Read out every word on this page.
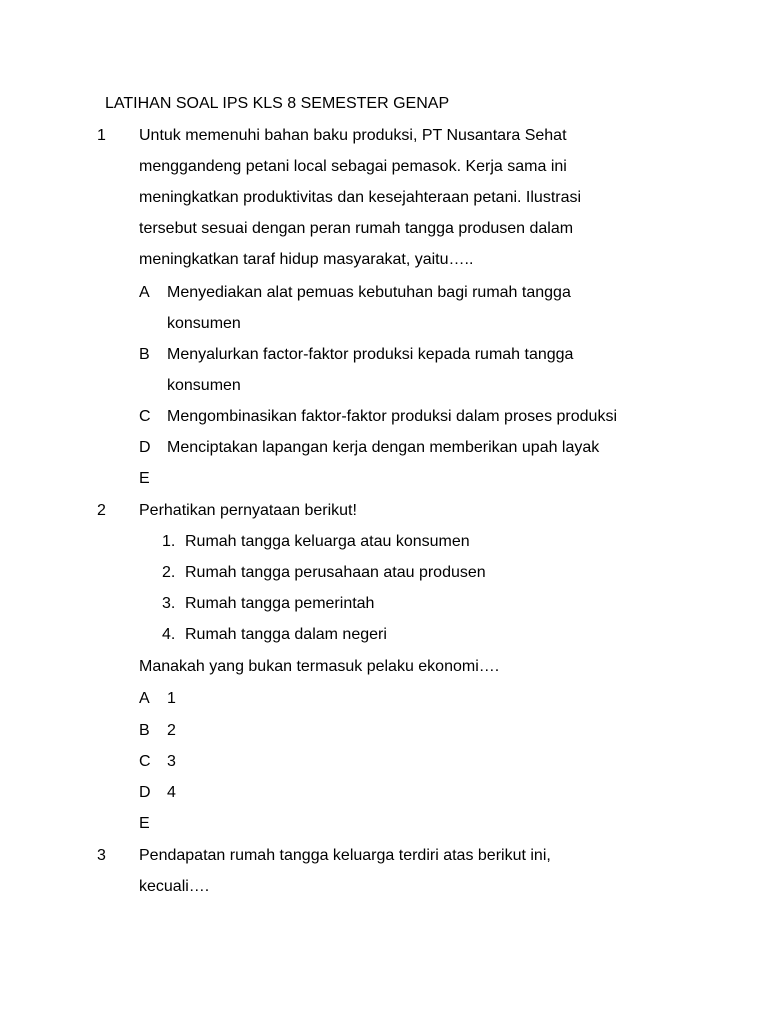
LATIHAN SOAL IPS KLS 8 SEMESTER GENAP
1 Untuk memenuhi bahan baku produksi, PT Nusantara Sehat
menggandeng petani local sebagai pemasok. Kerja sama ini
meningkatkan produktivitas dan kesejahteraan petani. Ilustrasi
tersebut sesuai dengan peran rumah tangga produsen dalam
meningkatkan taraf hidup masyarakat, yaitu…..
A Menyediakan alat pemuas kebutuhan bagi rumah tangga
konsumen
B Menyalurkan factor-faktor produksi kepada rumah tangga
konsumen
C Mengombinasikan faktor-faktor produksi dalam proses produksi
D Menciptakan lapangan kerja dengan memberikan upah layak
E
2 Perhatikan pernyataan berikut!
1. Rumah tangga keluarga atau konsumen
2. Rumah tangga perusahaan atau produsen
3. Rumah tangga pemerintah
4. Rumah tangga dalam negeri
Manakah yang bukan termasuk pelaku ekonomi….
A 1
B 2
C 3
D 4
E
3 Pendapatan rumah tangga keluarga terdiri atas berikut ini,
kecuali….
